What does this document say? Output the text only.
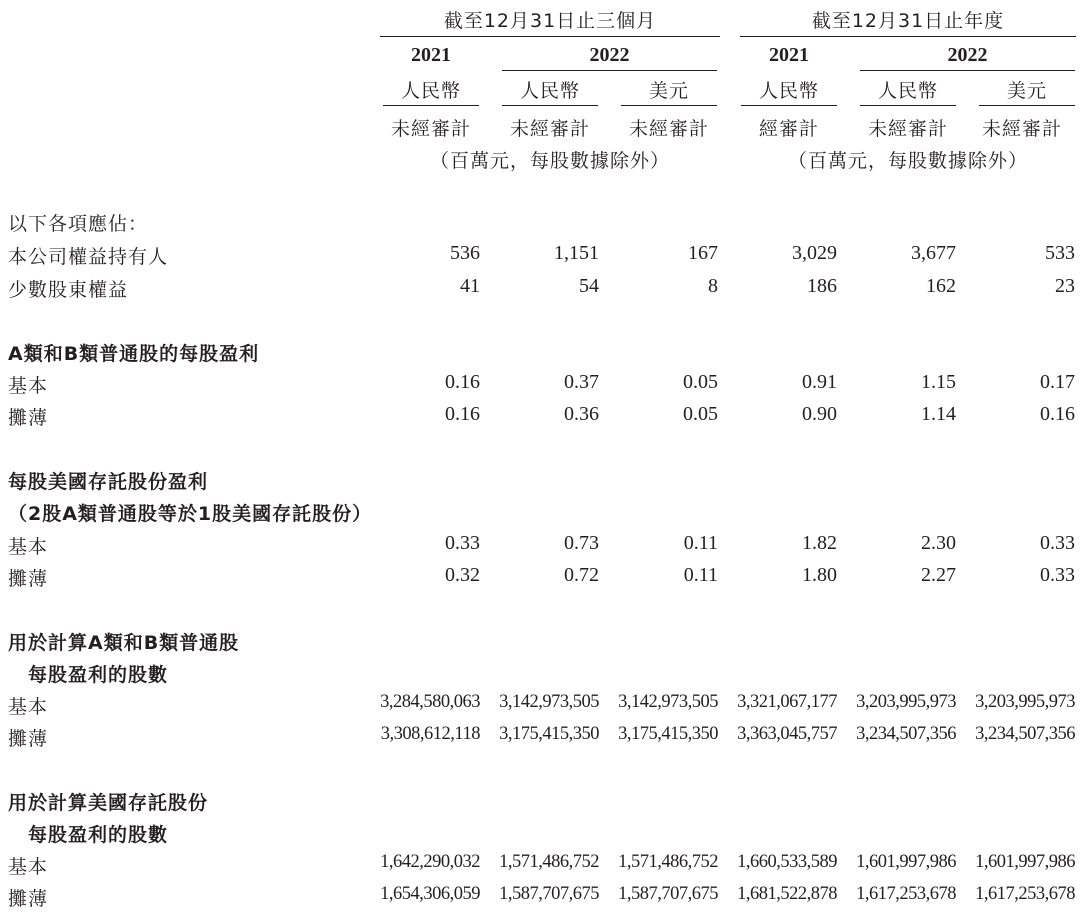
截至12月31日止三個月	截至12月31日止年度
2021	2022	2021	2022
人民幣	人民幣	美元	人民幣	人民幣	美元
未經審計	未經審計	未經審計	經審計	未經審計	未經審計
（百萬元，每股數據除外）	（百萬元，每股數據除外）
以下各項應佔：
本公司權益持有人	536	1,151	167	3,029	3,677	533
少數股東權益	41	54	8	186	162	23
A類和B類普通股的每股盈利
基本	0.16	0.37	0.05	0.91	1.15	0.17
攤薄	0.16	0.36	0.05	0.90	1.14	0.16
每股美國存託股份盈利
（2股A類普通股等於1股美國存託股份）
基本	0.33	0.73	0.11	1.82	2.30	0.33
攤薄	0.32	0.72	0.11	1.80	2.27	0.33
用於計算A類和B類普通股
每股盈利的股數
基本	3,284,580,063 3,142,973,505 3,142,973,505 3,321,067,177 3,203,995,973 3,203,995,973
攤薄	3,308,612,118 3,175,415,350 3,175,415,350 3,363,045,757 3,234,507,356 3,234,507,356
用於計算美國存託股份
每股盈利的股數
基本	1,642,290,032 1,571,486,752 1,571,486,752 1,660,533,589 1,601,997,986 1,601,997,986
攤薄	1,654,306,059 1,587,707,675 1,587,707,675 1,681,522,878 1,617,253,678 1,617,253,678
